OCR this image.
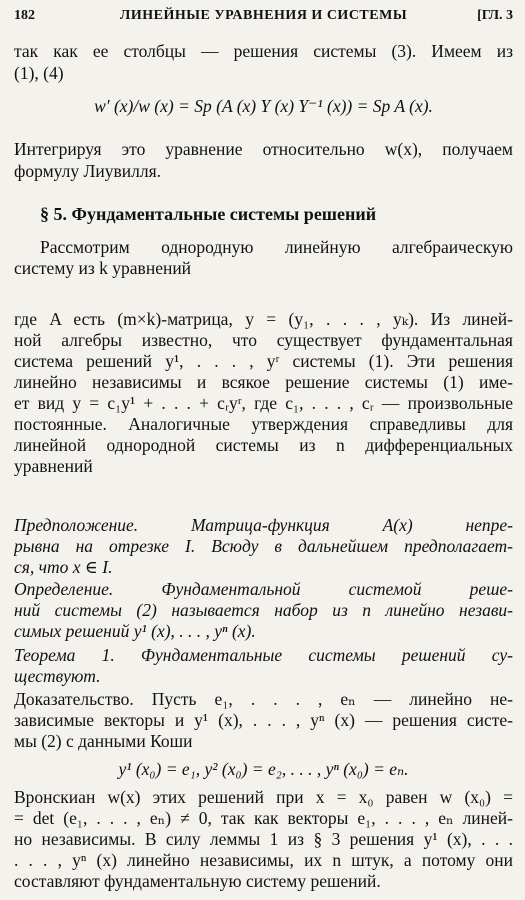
182	ЛИНЕЙНЫЕ УРАВНЕНИЯ И СИСТЕМЫ	[ГЛ. 3
так как ее столбцы — решения системы (3). Имеем из
(1), (4)
w′ (x)/w (x) = Sp (A (x) Y (x) Y⁻¹ (x)) = Sp A (x).
Интегрируя это уравнение относительно w(x), получаем
формулу Лиувилля.
§ 5. Фундаментальные системы решений
Рассмотрим однородную линейную алгебраическую
систему из k уравнений
где A есть (m×k)-матрица, y = (y₁, . . . , yₖ). Из линей-
ной алгебры известно, что существует фундаментальная
система решений y¹, . . . , yʳ системы (1). Эти решения
линейно независимы и всякое решение системы (1) име-
ет вид y = c₁y¹ + . . . + cᵣyʳ, где c₁, . . . , cᵣ — произвольные
постоянные. Аналогичные утверждения справедливы для
линейной однородной системы из n дифференциальных
уравнений
Предположение. Матрица-функция A(x) непре-
рывна на отрезке I. Всюду в дальнейшем предполагает-
ся, что x ∈ I.
Определение. Фундаментальной системой реше-
ний системы (2) называется набор из n линейно незави-
симых решений y¹ (x), . . . , yⁿ (x).
Теорема 1. Фундаментальные системы решений су-
ществуют.
Доказательство. Пусть e₁, . . . , eₙ — линейно не-
зависимые векторы и y¹ (x), . . . , yⁿ (x) — решения систе-
мы (2) с данными Коши
y¹ (x₀) = e₁, y² (x₀) = e₂, . . . , yⁿ (x₀) = eₙ.
Вронскиан w(x) этих решений при x = x₀ равен w (x₀) =
= det (e₁, . . . , eₙ) ≠ 0, так как векторы e₁, . . . , eₙ линей-
но независимы. В силу леммы 1 из § 3 решения y¹ (x), . . .
. . . , yⁿ (x) линейно независимы, их n штук, а потому они
составляют фундаментальную систему решений.
